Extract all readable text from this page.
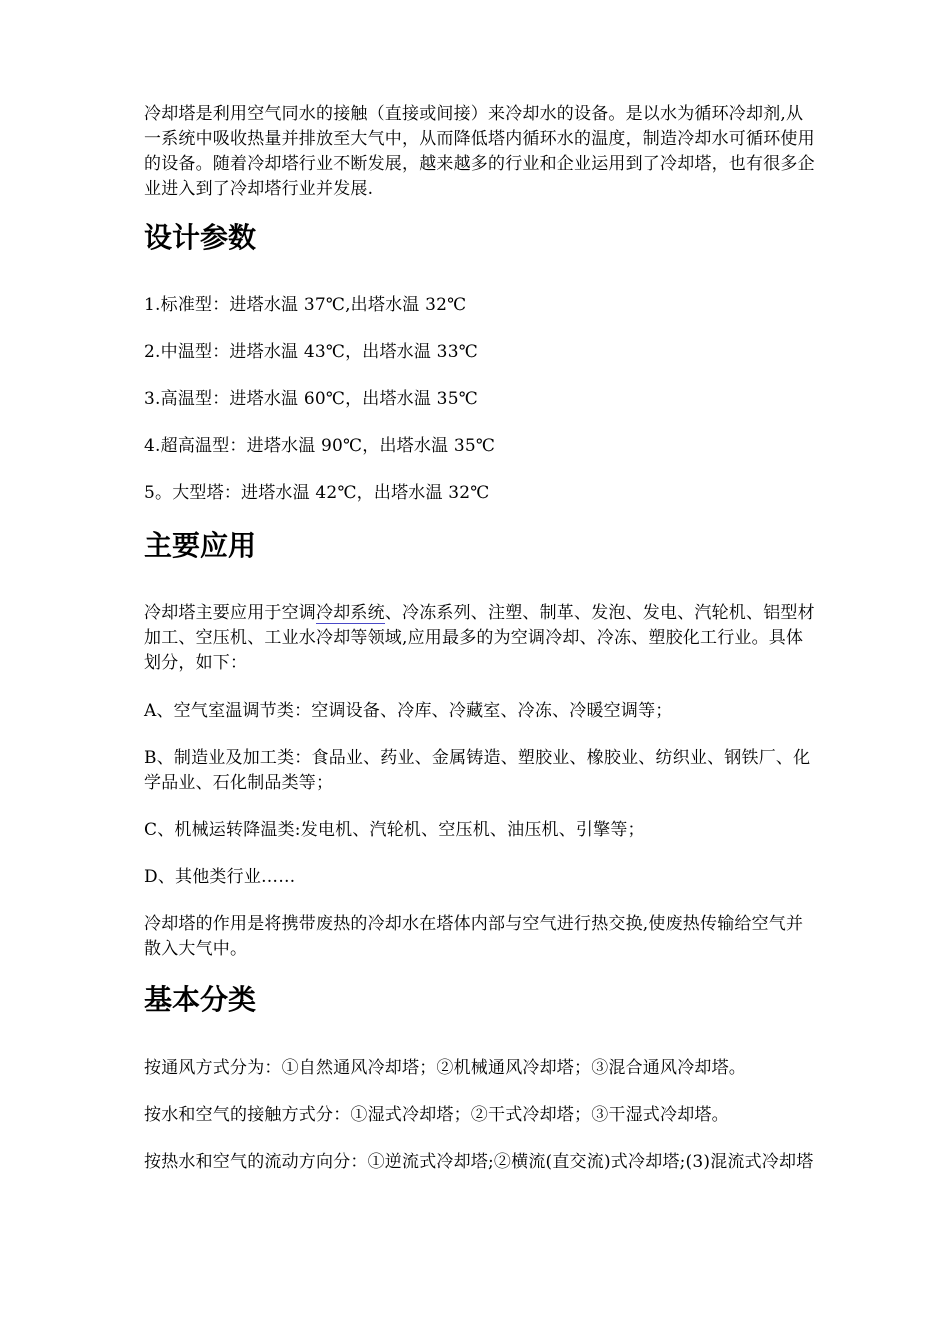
冷却塔是利用空气同水的接触（直接或间接）来冷却水的设备。是以水为循环冷却剂,从一系统中吸收热量并排放至大气中，从而降低塔内循环水的温度，制造冷却水可循环使用的设备。随着冷却塔行业不断发展，越来越多的行业和企业运用到了冷却塔，也有很多企业进入到了冷却塔行业并发展.

设计参数

1.标准型：进塔水温 37℃,出塔水温 32℃

2.中温型：进塔水温 43℃，出塔水温 33℃

3.高温型：进塔水温 60℃，出塔水温 35℃

4.超高温型：进塔水温 90℃，出塔水温 35℃

5。大型塔：进塔水温 42℃，出塔水温 32℃

主要应用

冷却塔主要应用于空调冷却系统、冷冻系列、注塑、制革、发泡、发电、汽轮机、铝型材加工、空压机、工业水冷却等领域,应用最多的为空调冷却、冷冻、塑胶化工行业。具体划分，如下：

A、空气室温调节类：空调设备、冷库、冷藏室、冷冻、冷暖空调等；

B、制造业及加工类：食品业、药业、金属铸造、塑胶业、橡胶业、纺织业、钢铁厂、化学品业、石化制品类等；

C、机械运转降温类:发电机、汽轮机、空压机、油压机、引擎等；

D、其他类行业……

冷却塔的作用是将携带废热的冷却水在塔体内部与空气进行热交换,使废热传输给空气并散入大气中。

基本分类

按通风方式分为：①自然通风冷却塔；②机械通风冷却塔；③混合通风冷却塔。

按水和空气的接触方式分：①湿式冷却塔；②干式冷却塔；③干湿式冷却塔。

按热水和空气的流动方向分：①逆流式冷却塔;②横流(直交流)式冷却塔;(3)混流式冷却塔
